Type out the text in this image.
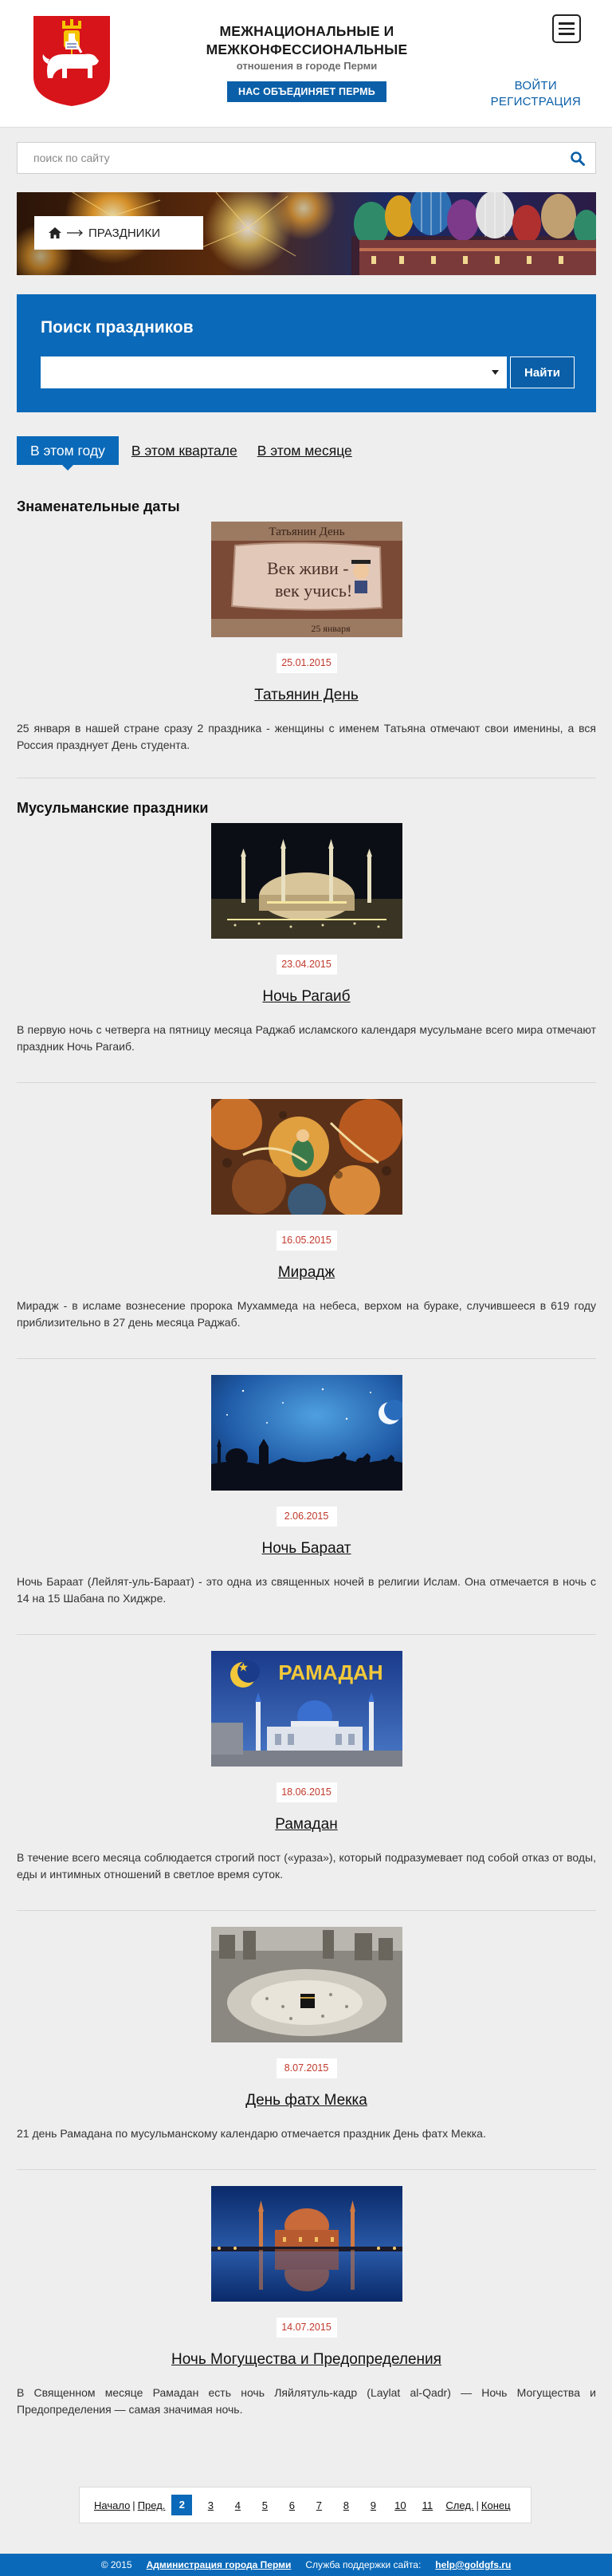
МЕЖНАЦИОНАЛЬНЫЕ И
МЕЖКОНФЕССИОНАЛЬНЫЕ
отношения в городе Перми
НАС ОБЪЕДИНЯЕТ ПЕРМЬ	ВОЙТИ
РЕГИСТРАЦИЯ
поиск по сайту
ПРАЗДНИКИ
Поиск праздников
Найти
В этом году	В этом квартале В этом месяце
Знаменательные даты
Татьянин День
Век живи -
век учись!
25 января
25.01.2015
Татьянин День

25 января в нашей стране сразу 2 праздника - женщины с именем Татьяна отмечают свои именины, а вся Россия празднует День студента.

Мусульманские праздники
23.04.2015
Ночь Рагаиб

В первую ночь с четверга на пятницу месяца Раджаб исламского календаря мусульмане всего мира отмечают праздник Ночь Рагаиб.

16.05.2015
Мирадж

Мирадж - в исламе вознесение пророка Мухаммеда на небеса, верхом на бураке, случившееся в 619 году приблизительно в 27 день месяца Раджаб.

2.06.2015
Ночь Бараат

Ночь Бараат (Лейлят-уль-Бараат) - это одна из священных ночей в религии Ислам. Она отмечается в ночь с 14 на 15 Шабана по Хиджре.

РАМАДАН
18.06.2015
Рамадан

В течение всего месяца соблюдается строгий пост («ураза»), который подразумевает под собой отказ от воды, еды и интимных отношений в светлое время суток.

8.07.2015
День фатх Мекка

21 день Рамадана по мусульманскому календарю отмечается праздник День фатх Мекка.

14.07.2015
Ночь Могущества и Предопределения

В Священном месяце Рамадан есть ночь Ляйлятуль-кадр (Laylat al-Qadr) — Ночь Могущества и Предопределения — самая значимая ночь.

Начало | Пред.	2	3	4	5	6	7	8	9	10	11	След. | Конец
© 2015 Администрация города Перми Служба поддержки сайта: help@goldgfs.ru
